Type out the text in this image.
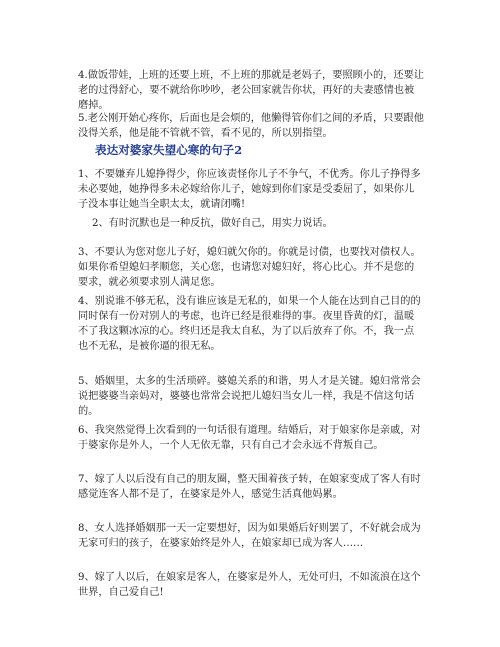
4.做饭带娃，上班的还要上班，不上班的那就是老妈子，要照顾小的，还要让老的过得舒心，要不就给你吵吵，老公回家就告你状，再好的夫妻感情也被磨掉。

5.老公刚开始心疼你，后面也是会烦的，他懒得管你们之间的矛盾，只要跟他没得关系，他是能不管就不管，看不见的，所以别指望。

表达对婆家失望心寒的句子2

1、不要嫌弃儿媳挣得少，你应该责怪你儿子不争气，不优秀。你儿子挣得多未必要她，她挣得多未必嫁给你儿子，她嫁到你们家是受委屈了，如果你儿子没本事让她当全职太太，就请闭嘴!

2、有时沉默也是一种反抗，做好自己，用实力说话。

3、不要认为您对您儿子好，媳妇就欠你的。你就是讨债，也要找对债权人。如果你希望媳妇孝顺您，关心您，也请您对媳妇好，将心比心。并不是您的要求，就必须要求别人满足您。

4、别说谁不够无私，没有谁应该是无私的，如果一个人能在达到自己目的的同时保有一份对别人的考虑，也许已经是很难得的事。夜里昏黄的灯，温暖不了我这颗冰凉的心。终归还是我太自私，为了以后放弃了你。不，我一点也不无私，是被你逼的很无私。

5、婚姻里，太多的生活琐碎。婆媳关系的和谐，男人才是关键。媳妇常常会说把婆婆当亲妈对，婆婆也常常会说把儿媳妇当女儿一样，我是不信这句话的。

6、我突然觉得上次看到的一句话很有道理。结婚后，对于娘家你是亲戚，对于婆家你是外人，一个人无依无靠，只有自己才会永远不背叛自己。

7、嫁了人以后没有自己的朋友圈，整天围着孩子转，在娘家变成了客人有时感觉连客人都不是了，在婆家是外人，感觉生活真他妈累。

8、女人选择婚姻那一天一定要想好，因为如果婚后好则罢了，不好就会成为无家可归的孩子，在婆家始终是外人，在娘家却已成为客人……

9、嫁了人以后，在娘家是客人，在婆家是外人，无处可归，不如流浪在这个世界，自己爱自己!
